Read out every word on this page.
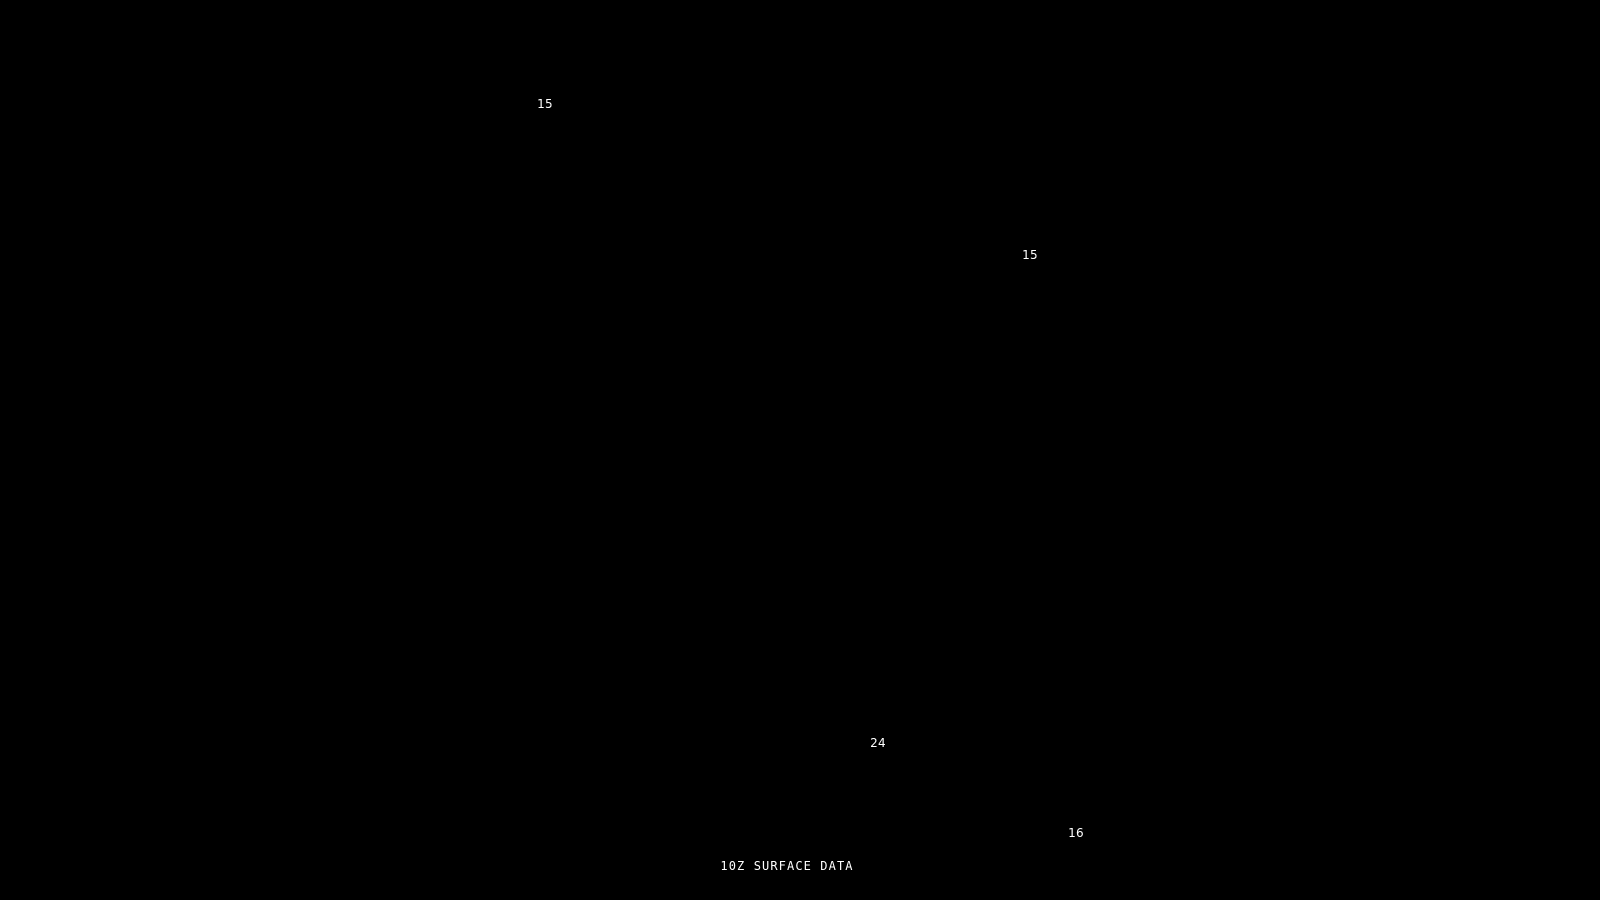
15
15
24
16
10Z SURFACE DATA
